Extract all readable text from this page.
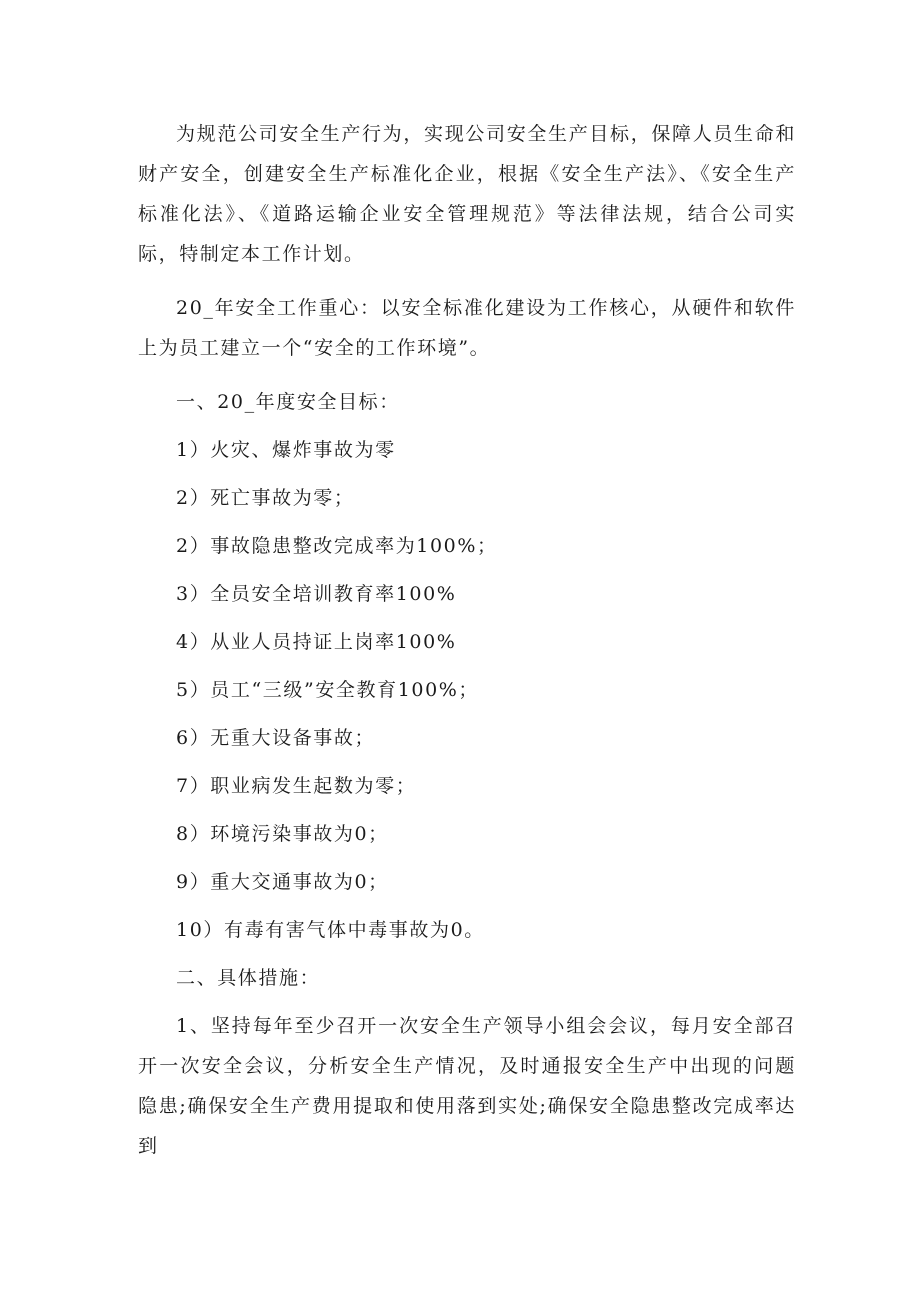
为规范公司安全生产行为，实现公司安全生产目标，保障人员生命和财产安全，创建安全生产标准化企业，根据《安全生产法》、《安全生产标准化法》、《道路运输企业安全管理规范》等法律法规，结合公司实际，特制定本工作计划。

20_年安全工作重心：以安全标准化建设为工作核心，从硬件和软件上为员工建立一个“安全的工作环境”。

一、20_年度安全目标：

1）火灾、爆炸事故为零

2）死亡事故为零；

2）事故隐患整改完成率为100%；

3）全员安全培训教育率100%

4）从业人员持证上岗率100%

5）员工“三级”安全教育100%；

6）无重大设备事故；

7）职业病发生起数为零；

8）环境污染事故为0；

9）重大交通事故为0；

10）有毒有害气体中毒事故为0。

二、具体措施：

1、坚持每年至少召开一次安全生产领导小组会会议，每月安全部召开一次安全会议，分析安全生产情况，及时通报安全生产中出现的问题隐患;确保安全生产费用提取和使用落到实处;确保安全隐患整改完成率达到
